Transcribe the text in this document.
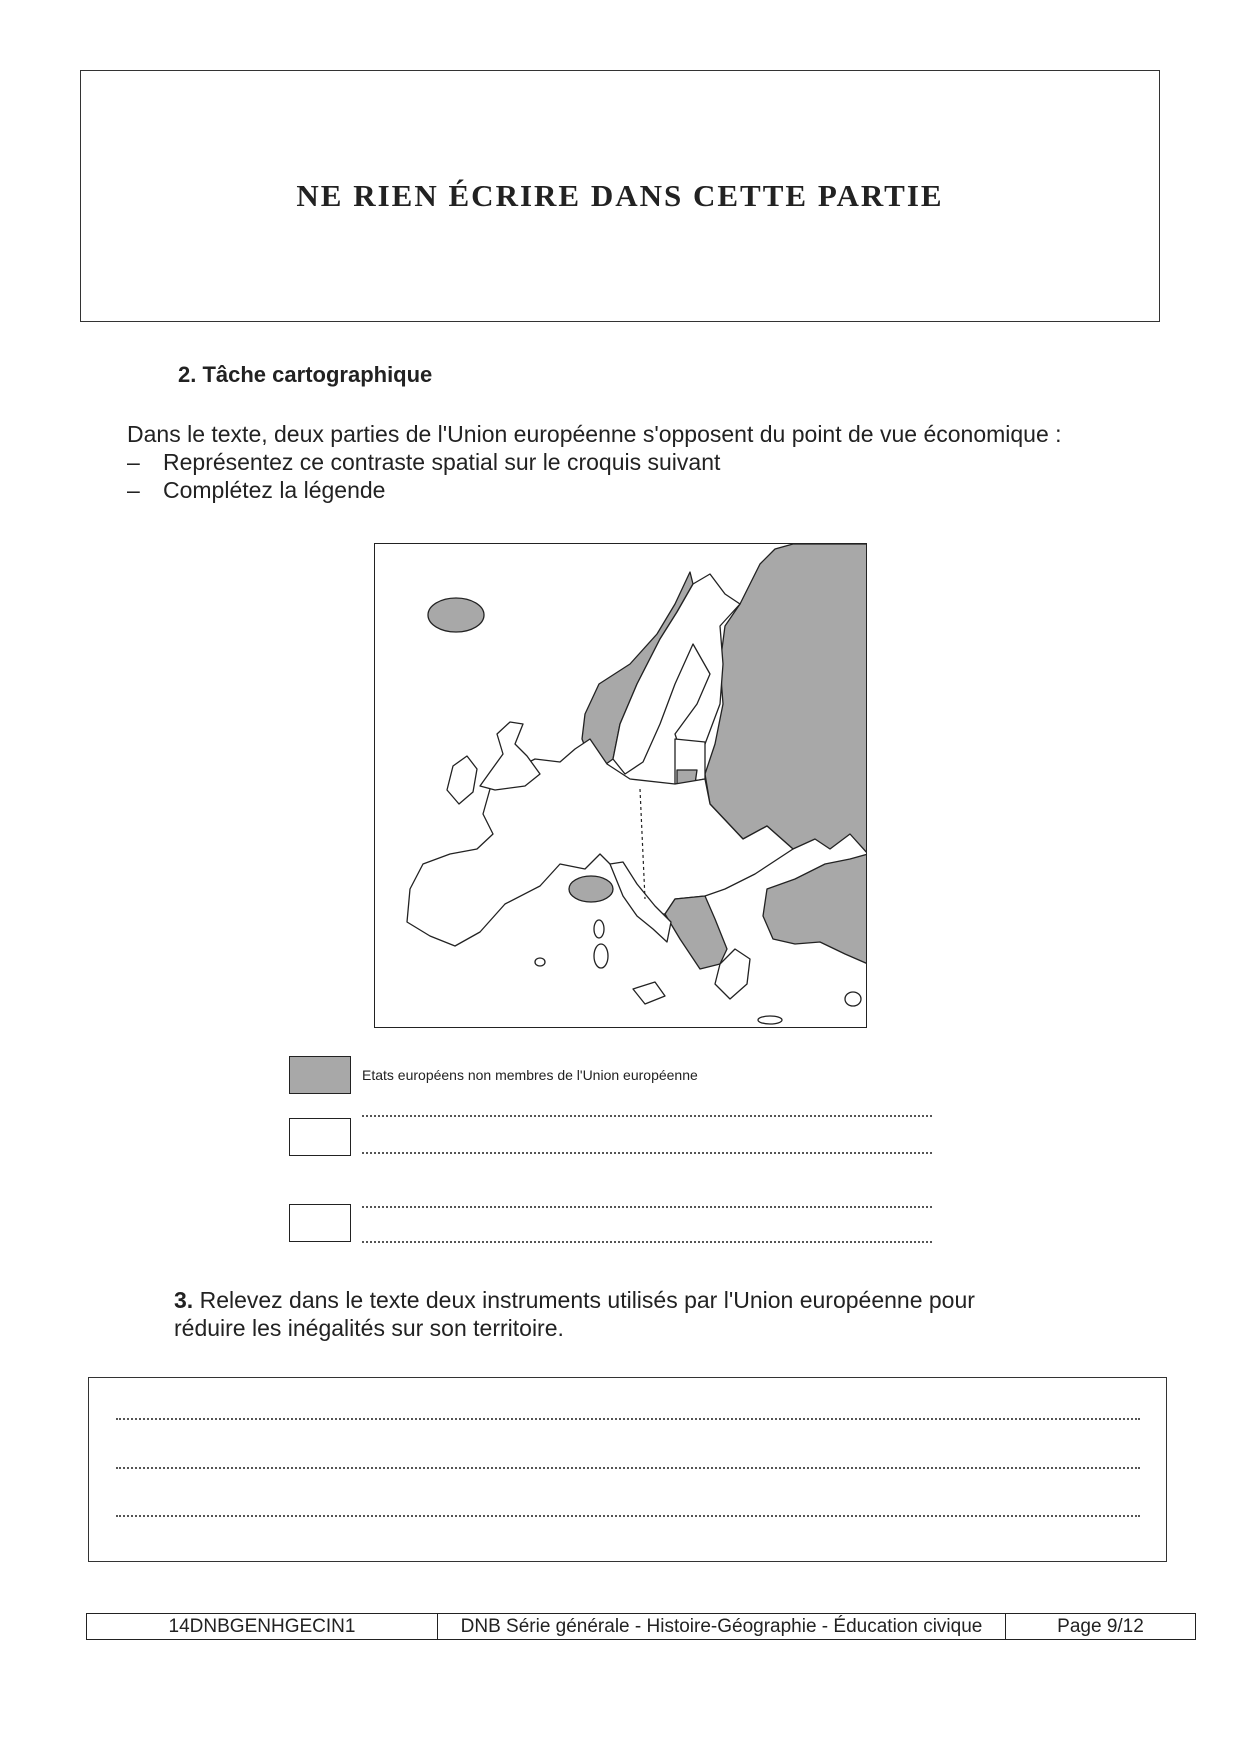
NE RIEN ÉCRIRE DANS CETTE PARTIE
2. Tâche cartographique
Dans le texte, deux parties de l'Union européenne s'opposent du point de vue économique :
– Représentez ce contraste spatial sur le croquis suivant
– Complétez la légende
Etats européens non membres de l'Union européenne
3. Relevez dans le texte deux instruments utilisés par l'Union européenne pour
réduire les inégalités sur son territoire.
14DNBGENHGECIN1	DNB Série générale - Histoire-Géographie - Éducation civique	Page 9/12
